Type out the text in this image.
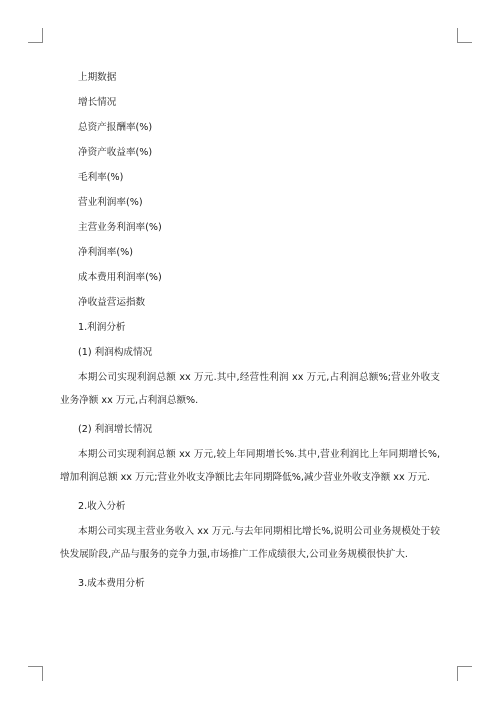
上期数据
增长情况
总资产报酬率(%)
净资产收益率(%)
毛利率(%)
营业利润率(%)
主营业务利润率(%)
净利润率(%)
成本费用利润率(%)
净收益营运指数
1.利润分析
(1) 利润构成情况

本期公司实现利润总额 xx 万元.其中,经营性利润 xx 万元,占利润总额%;营业外收支业务净额 xx 万元,占利润总额%.

(2) 利润增长情况

本期公司实现利润总额 xx 万元,较上年同期增长%.其中,营业利润比上年同期增长%,增加利润总额 xx 万元;营业外收支净额比去年同期降低%,减少营业外收支净额 xx 万元.

2.收入分析

本期公司实现主营业务收入 xx 万元.与去年同期相比增长%,说明公司业务规模处于较快发展阶段,产品与服务的竞争力强,市场推广工作成绩很大,公司业务规模很快扩大.

3.成本费用分析
